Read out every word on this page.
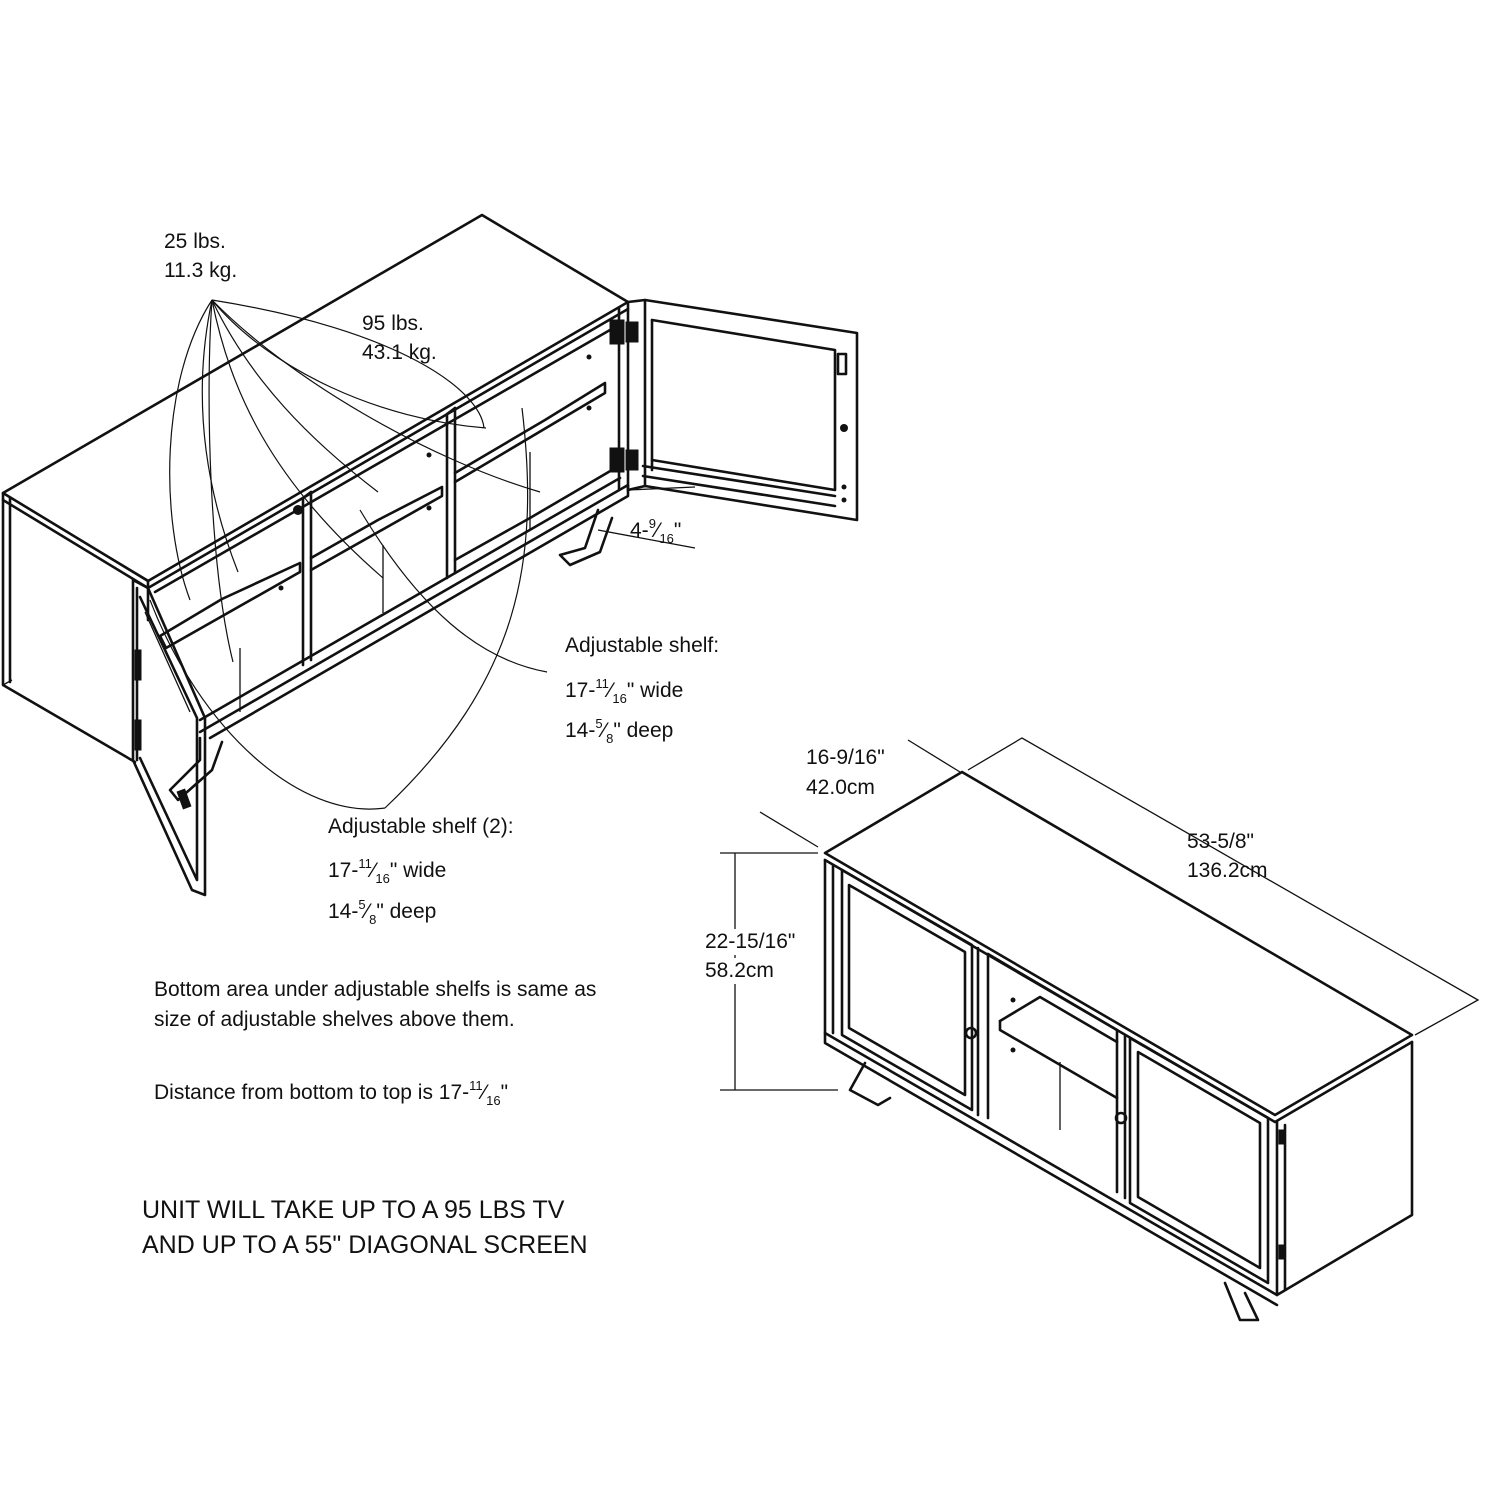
25 lbs.
11.3 kg.
95 lbs.
43.1 kg.
$4-^9⁄_{16}$"
Adjustable shelf:
$17-^{11}⁄_{16}$" wide
$14-^5⁄_8$" deep
Adjustable shelf (2):
$17-^{11}⁄_{16}$" wide
$14-^5⁄_8$" deep
16-9/16"
42.0cm
53-5/8"
136.2cm
22-15/16"
58.2cm
Bottom area under adjustable shelfs is same as size of adjustable shelves above them.
Distance from bottom to top is $17-^{11}⁄_{16}$"
UNIT WILL TAKE UP TO A 95 LBS TV
AND UP TO A 55" DIAGONAL SCREEN
